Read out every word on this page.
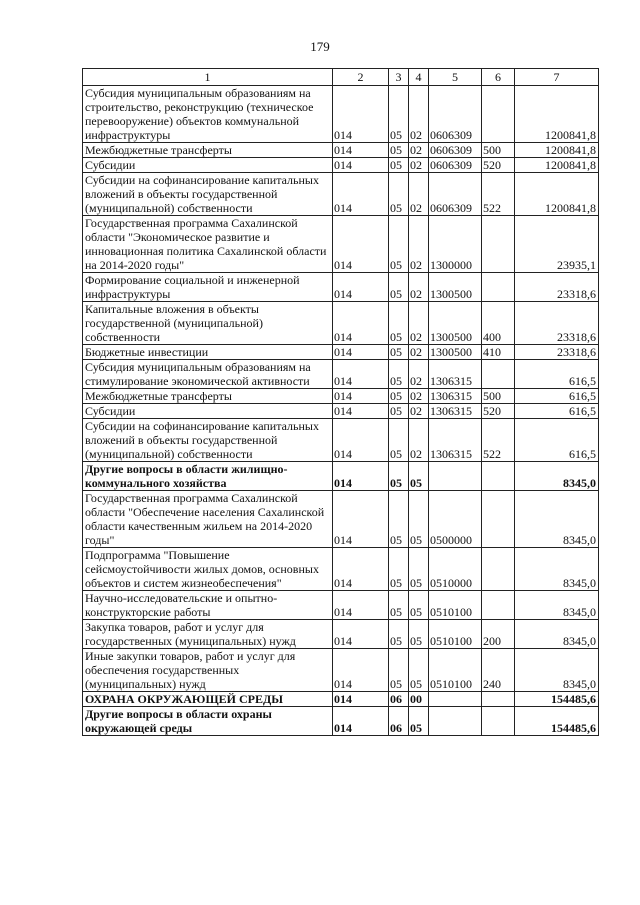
179
1	2	3	4	5	6	7
Субсидия муниципальным образованиям на строительство, реконструкцию (техническое перевооружение) объектов коммунальной инфраструктуры	014	05	02	0606309		1200841,8
Межбюджетные трансферты	014	05	02	0606309	500	1200841,8
Субсидии	014	05	02	0606309	520	1200841,8
Субсидии на софинансирование капитальных вложений в объекты государственной (муниципальной) собственности	014	05	02	0606309	522	1200841,8
Государственная программа Сахалинской области "Экономическое развитие и инновационная политика Сахалинской области на 2014-2020 годы"	014	05	02	1300000		23935,1
Формирование социальной и инженерной инфраструктуры	014	05	02	1300500		23318,6
Капитальные вложения в объекты государственной (муниципальной) собственности	014	05	02	1300500	400	23318,6
Бюджетные инвестиции	014	05	02	1300500	410	23318,6
Субсидия муниципальным образованиям на стимулирование экономической активности	014	05	02	1306315		616,5
Межбюджетные трансферты	014	05	02	1306315	500	616,5
Субсидии	014	05	02	1306315	520	616,5
Субсидии на софинансирование капитальных вложений в объекты государственной (муниципальной) собственности	014	05	02	1306315	522	616,5
Другие вопросы в области жилищно-коммунального хозяйства	014	05	05			8345,0
Государственная программа Сахалинской области "Обеспечение населения Сахалинской области качественным жильем на 2014-2020 годы"	014	05	05	0500000		8345,0
Подпрограмма "Повышение сейсмоустойчивости жилых домов, основных объектов и систем жизнеобеспечения"	014	05	05	0510000		8345,0
Научно-исследовательские и опытно-конструкторские работы	014	05	05	0510100		8345,0
Закупка товаров, работ и услуг для государственных (муниципальных) нужд	014	05	05	0510100	200	8345,0
Иные закупки товаров, работ и услуг для обеспечения государственных (муниципальных) нужд	014	05	05	0510100	240	8345,0
ОХРАНА ОКРУЖАЮЩЕЙ СРЕДЫ	014	06	00			154485,6
Другие вопросы в области охраны окружающей среды	014	06	05			154485,6
